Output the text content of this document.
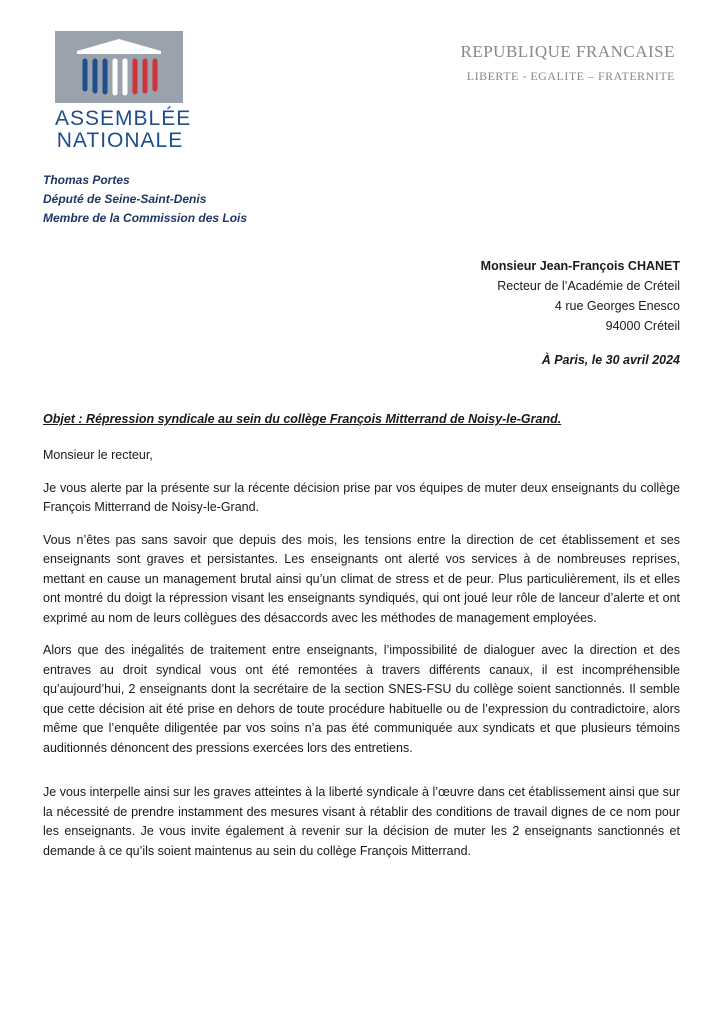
ASSEMBLÉE
NATIONALE
REPUBLIQUE FRANCAISE
LIBERTE - EGALITE – FRATERNITE
Thomas Portes
Député de Seine-Saint-Denis
Membre de la Commission des Lois
Monsieur Jean-François CHANET
Recteur de l’Académie de Créteil
4 rue Georges Enesco
94000 Créteil
À Paris, le 30 avril 2024
Objet : Répression syndicale au sein du collège François Mitterrand de Noisy-le-Grand.

Monsieur le recteur,

Je vous alerte par la présente sur la récente décision prise par vos équipes de muter deux enseignants du collège François Mitterrand de Noisy-le-Grand.

Vous n’êtes pas sans savoir que depuis des mois, les tensions entre la direction de cet établissement et ses enseignants sont graves et persistantes. Les enseignants ont alerté vos services à de nombreuses reprises, mettant en cause un management brutal ainsi qu’un climat de stress et de peur. Plus particulièrement, ils et elles ont montré du doigt la répression visant les enseignants syndiqués, qui ont joué leur rôle de lanceur d’alerte et ont exprimé au nom de leurs collègues des désaccords avec les méthodes de management employées.

Alors que des inégalités de traitement entre enseignants, l’impossibilité de dialoguer avec la direction et des entraves au droit syndical vous ont été remontées à travers différents canaux, il est incompréhensible qu’aujourd’hui, 2 enseignants dont la secrétaire de la section SNES-FSU du collège soient sanctionnés. Il semble que cette décision ait été prise en dehors de toute procédure habituelle ou de l’expression du contradictoire, alors même que l’enquête diligentée par vos soins n’a pas été communiquée aux syndicats et que plusieurs témoins auditionnés dénoncent des pressions exercées lors des entretiens.

Je vous interpelle ainsi sur les graves atteintes à la liberté syndicale à l’œuvre dans cet établissement ainsi que sur la nécessité de prendre instamment des mesures visant à rétablir des conditions de travail dignes de ce nom pour les enseignants. Je vous invite également à revenir sur la décision de muter les 2 enseignants sanctionnés et demande à ce qu’ils soient maintenus au sein du collège François Mitterrand.
